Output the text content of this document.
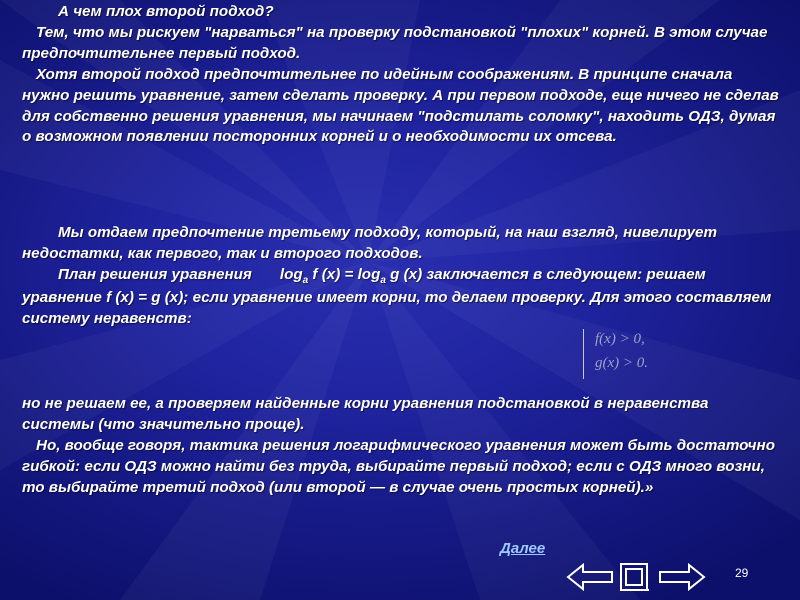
А чем плох второй подход?

Тем, что мы рискуем "нарваться" на проверку подстановкой "плохих" корней. В этом случае предпочтительнее первый подход.

Хотя второй подход предпочтительнее по идейным соображениям. В принципе сначала нужно решить уравнение, затем сделать проверку. А при первом подходе, еще ничего не сделав для собственно решения уравнения, мы начинаем "подстилать соломку", находить ОДЗ, думая о возможном появлении посторонних корней и о необходимости их отсева.

Мы отдаем предпочтение третьему подходу, который, на наш взгляд, нивелирует недостатки, как первого, так и второго подходов.

План решения уравнения $\log_a f$ $(x) = \log_a g$ (x) заключается в следующем: решаем уравнение f (x) = g (x); если уравнение имеет корни, то делаем проверку. Для этого составляем систему неравенств:

f(x) > 0,
g(x) > 0.

но не решаем ее, а проверяем найденные корни уравнения подстановкой в неравенства системы (что значительно проще).

Но, вообще говоря, тактика решения логарифмического уравнения может быть достаточно гибкой: если ОДЗ можно найти без труда, выбирайте первый подход; если с ОДЗ много возни, то выбирайте третий подход (или второй — в случае очень простых корней).»

Далее
29
